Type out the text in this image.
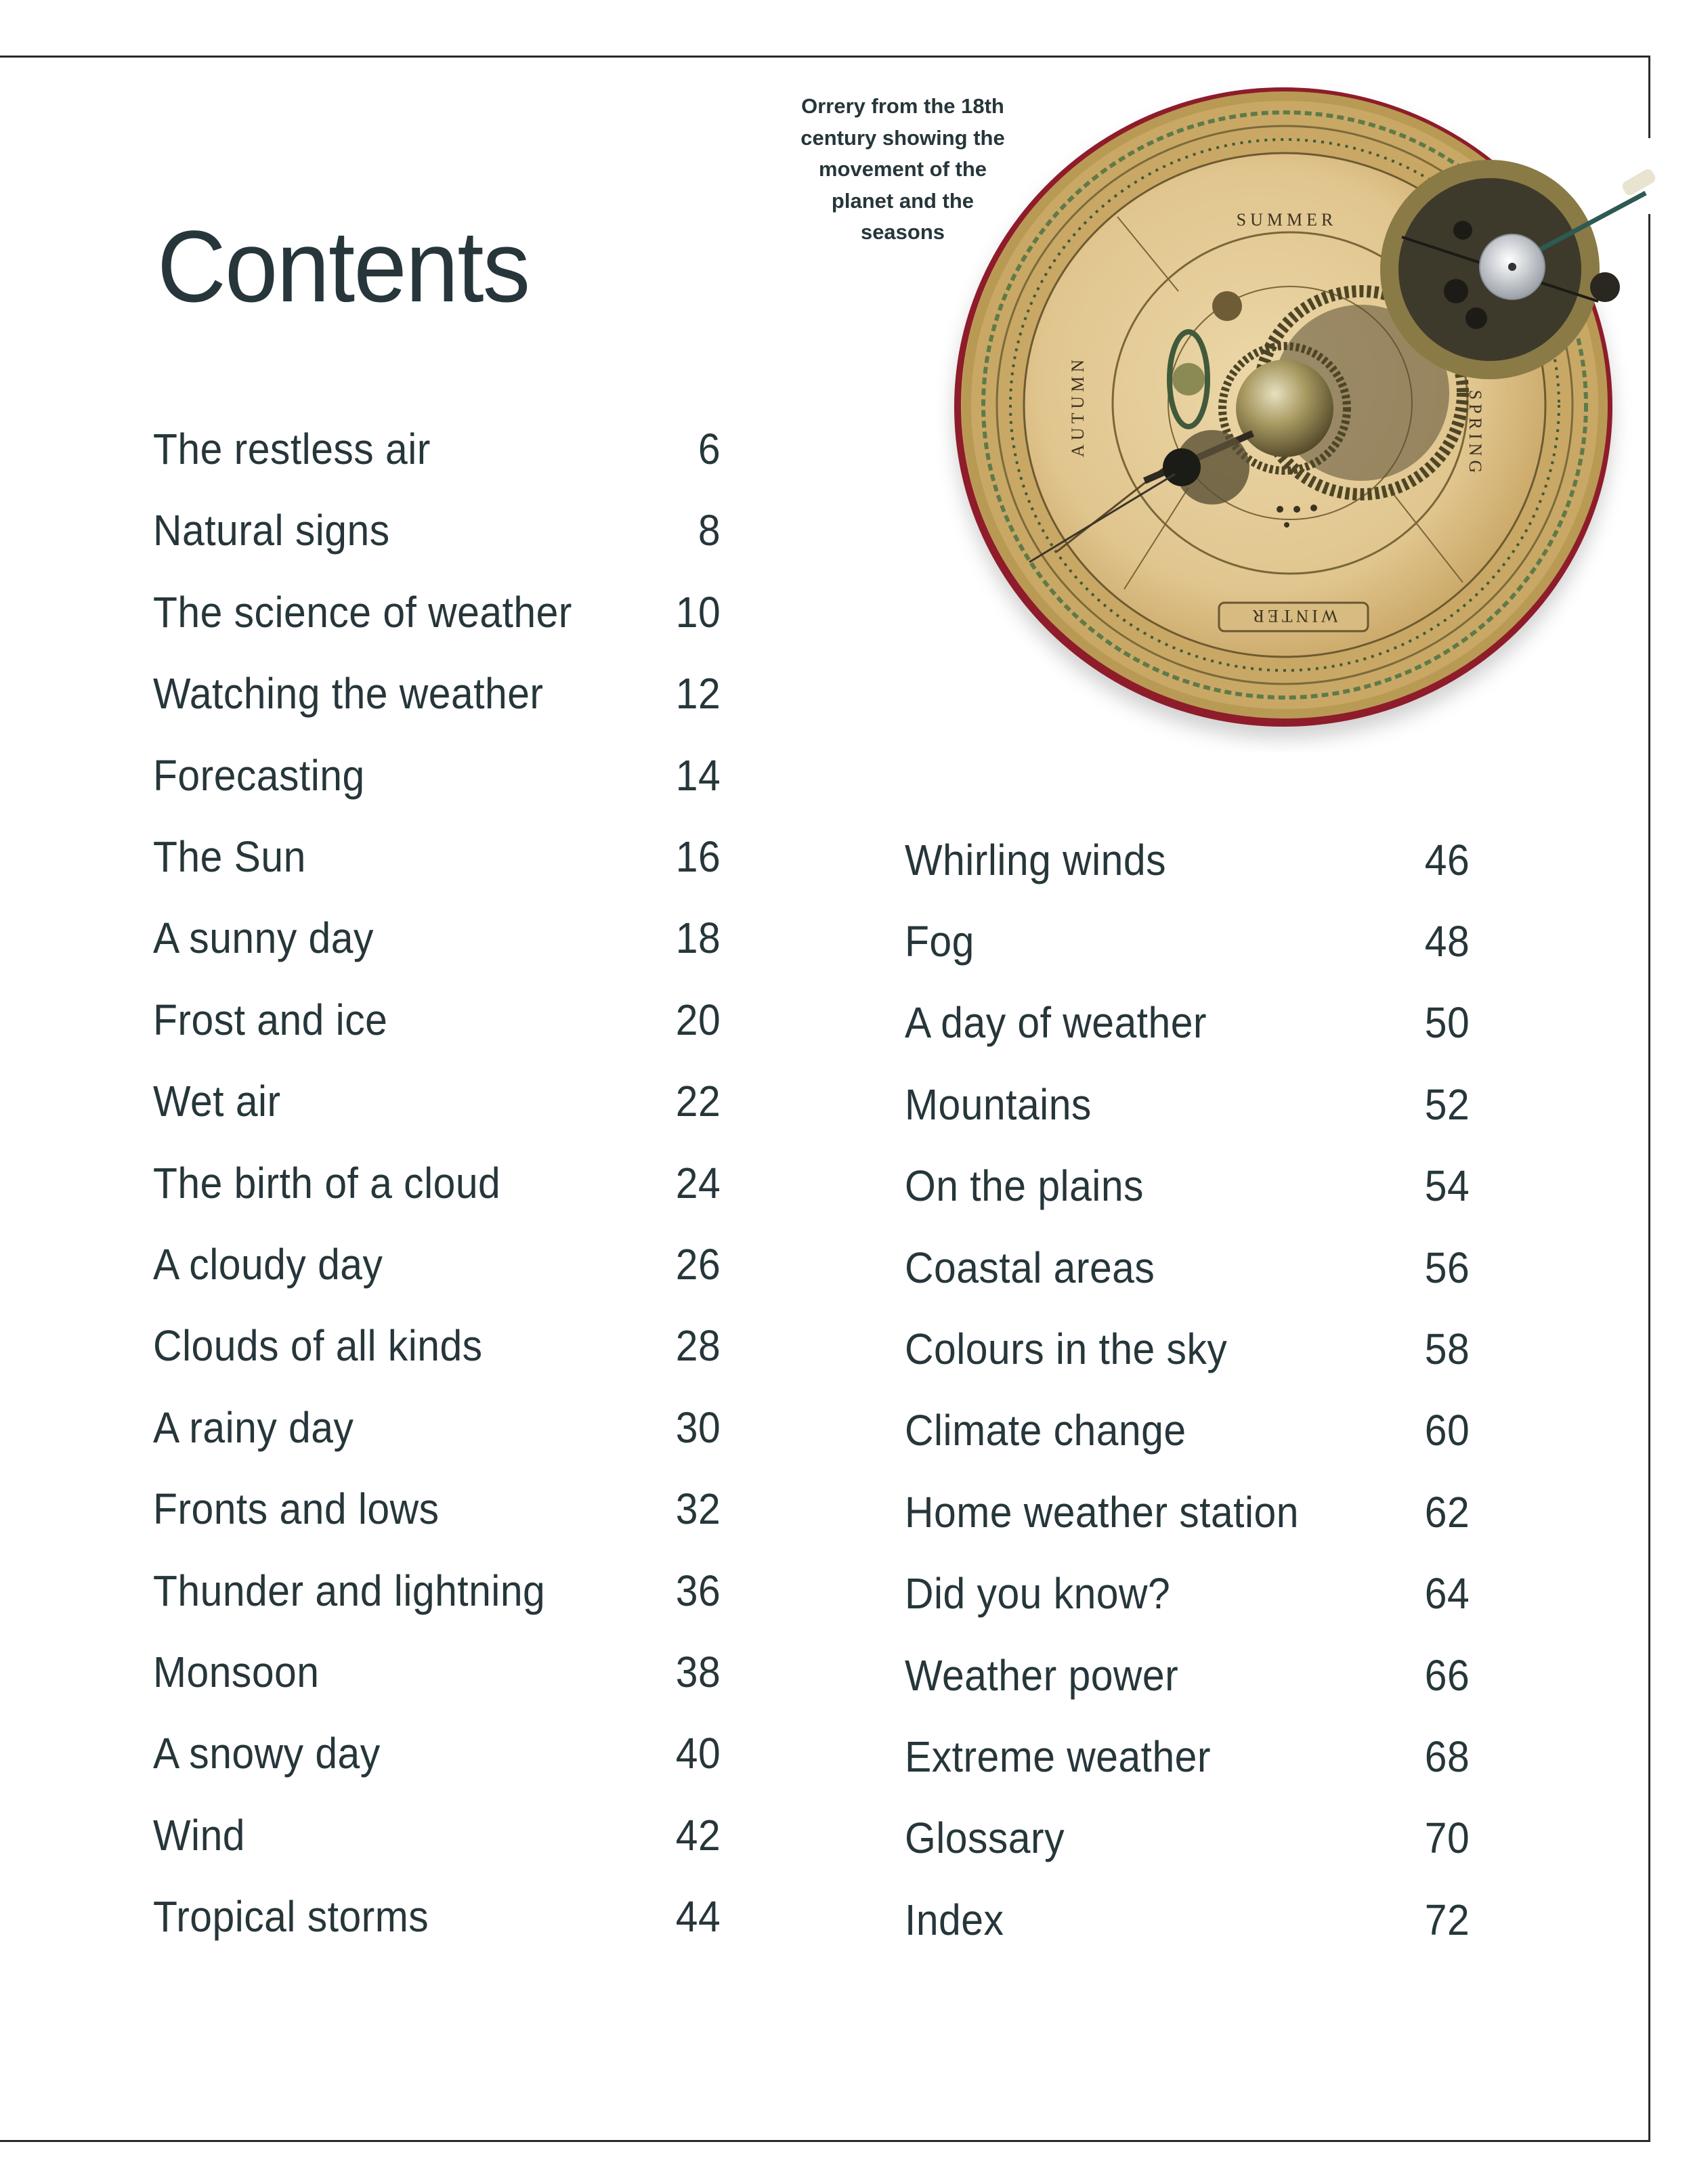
Contents
Orrery from the 18th
century showing the
movement of the
planet and the
seasons
WINTER
SUMMER
AUTUMN	SPRING
The restless air	6
Natural signs	8
The science of weather 10
Watching the weather	12
Forecasting	14
The Sun	16
A sunny day	18
Frost and ice	20
Wet air	22
The birth of a cloud	24
A cloudy day	26
Clouds of all kinds	28
A rainy day	30
Fronts and lows	32
Thunder and lightning	36
Monsoon	38
A snowy day	40
Wind	42
Tropical storms	44
Whirling winds	46
Fog	48
A day of weather	50
Mountains	52
On the plains	54
Coastal areas	56
Colours in the sky	58
Climate change	60
Home weather station	62
Did you know?	64
Weather power	66
Extreme weather	68
Glossary	70
Index	72
